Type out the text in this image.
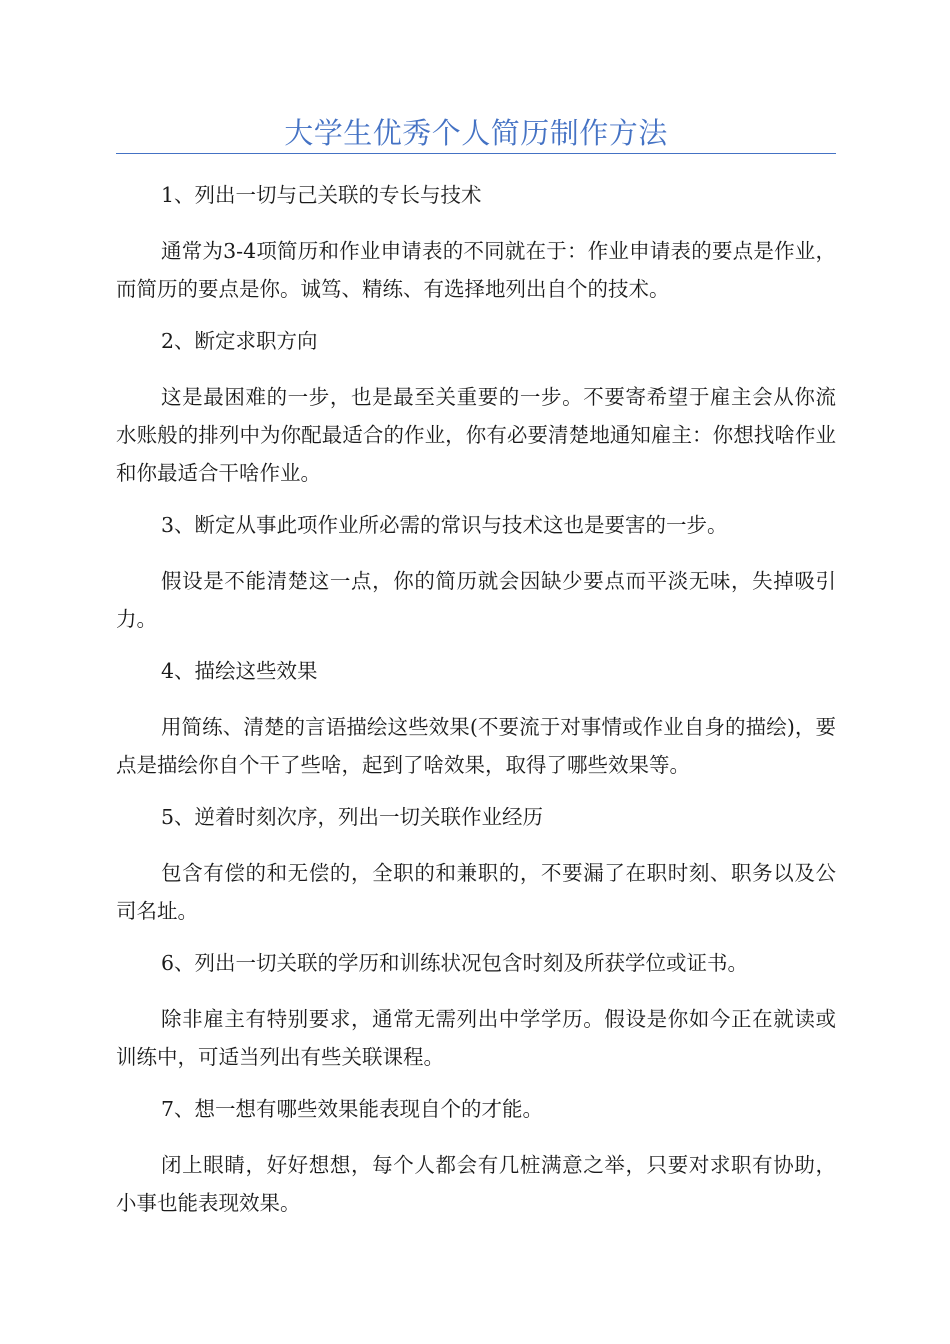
大学生优秀个人简历制作方法

1、列出一切与己关联的专长与技术

通常为3-4项简历和作业申请表的不同就在于：作业申请表的要点是作业，而简历的要点是你。诚笃、精练、有选择地列出自个的技术。

2、断定求职方向

这是最困难的一步，也是最至关重要的一步。不要寄希望于雇主会从你流水账般的排列中为你配最适合的作业，你有必要清楚地通知雇主：你想找啥作业和你最适合干啥作业。

3、断定从事此项作业所必需的常识与技术这也是要害的一步。

假设是不能清楚这一点，你的简历就会因缺少要点而平淡无味，失掉吸引力。

4、描绘这些效果

用简练、清楚的言语描绘这些效果(不要流于对事情或作业自身的描绘)，要点是描绘你自个干了些啥，起到了啥效果，取得了哪些效果等。

5、逆着时刻次序，列出一切关联作业经历

包含有偿的和无偿的，全职的和兼职的，不要漏了在职时刻、职务以及公司名址。

6、列出一切关联的学历和训练状况包含时刻及所获学位或证书。

除非雇主有特别要求，通常无需列出中学学历。假设是你如今正在就读或训练中，可适当列出有些关联课程。

7、想一想有哪些效果能表现自个的才能。

闭上眼睛，好好想想，每个人都会有几桩满意之举，只要对求职有协助，小事也能表现效果。
